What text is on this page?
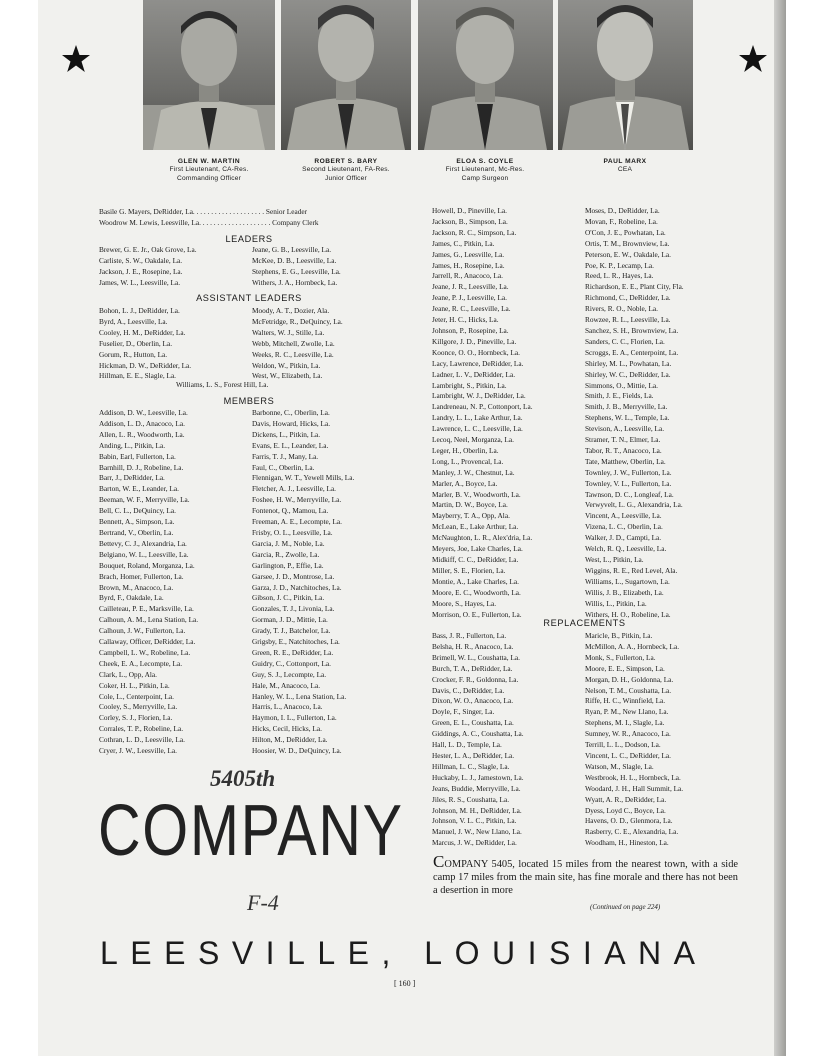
GLEN W. MARTIN
First Lieutenant, CA-Res.
Commanding Officer
ROBERT S. BARY
Second Lieutenant, FA-Res.
Junior Officer
ELOA S. COYLE
First Lieutenant, Mc-Res.
Camp Surgeon
PAUL MARX
CEA
Basile G. Mayers, DeRidder, La. . . . . . . . . . . . . . . . . . . . Senior Leader
Woodrow M. Lewis, Leesville, La. . . . . . . . . . . . . . . . . . . . Company Clerk
LEADERS
ASSISTANT LEADERS
MEMBERS
REPLACEMENTS
Brewer, G. E. Jr., Oak Grove, La.
Carliste, S. W., Oakdale, La.
Jackson, J. E., Rosepine, La.
James, W. L., Leesville, La.
Jeane, G. B., Leesville, La.
McKee, D. B., Leesville, La.
Stephens, E. G., Leesville, La.
Withers, J. A., Hornbeck, La.
Bohon, L. J., DeRidder, La.
Byrd, A., Leesville, La.
Cooley, H. M., DeRidder, La.
Fuselier, D., Oberlin, La.
Gorum, R., Hutton, La.
Hickman, D. W., DeRidder, La.
Hillman, E. E., Slagle, La.
Moody, A. T., Dozier, Ala.
McFetridge, R., DeQuincy, La.
Walters, W. J., Stille, La.
Webb, Mitchell, Zwolle, La.
Weeks, R. C., Leesville, La.
Weldon, W., Pitkin, La.
West, W., Elizabeth, La.
Williams, L. S., Forest Hill, La.
Addison, D. W., Leesville, La.
Addison, L. D., Anacoco, La.
Allen, L. R., Woodworth, La.
Anding, L., Pitkin, La.
Babin, Earl, Fullerton, La.
Barnhill, D. J., Robeline, La.
Barr, J., DeRidder, La.
Barton, W. E., Leander, La.
Beeman, W. F., Merryville, La.
Bell, C. L., DeQuincy, La.
Bennett, A., Simpson, La.
Bertrand, V., Oberlin, La.
Bettevy, C. J., Alexandria, La.
Belgiano, W. L., Leesville, La.
Bouquet, Roland, Morganza, La.
Brach, Homer, Fullerton, La.
Brown, M., Anacoco, La.
Byrd, F., Oakdale, La.
Cailleteau, P. E., Marksville, La.
Calhoun, A. M., Lena Station, La.
Calhoun, J. W., Fullerton, La.
Callaway, Officer, DeRidder, La.
Campbell, L. W., Robeline, La.
Cheek, E. A., Lecompte, La.
Clark, L., Opp, Ala.
Coker, H. L., Pitkin, La.
Cole, L., Centerpoint, La.
Cooley, S., Merryville, La.
Corley, S. J., Florien, La.
Corrales, T. P., Robeline, La.
Cothran, L. D., Leesville, La.
Cryer, J. W., Leesville, La.
Barbonne, C., Oberlin, La.
Davis, Howard, Hicks, La.
Dickens, L., Pitkin, La.
Evans, E. L., Leander, La.
Farris, T. J., Many, La.
Faul, C., Oberlin, La.
Flennigan, W. T., Yewell Mills, La.
Fletcher, A. J., Leesville, La.
Foshee, H. W., Merryville, La.
Fontenot, Q., Mamou, La.
Freeman, A. E., Lecompte, La.
Frisby, O. L., Leesville, La.
Garcia, J. M., Noble, La.
Garcia, R., Zwolle, La.
Garlington, P., Effie, La.
Garsee, J. D., Montrose, La.
Garza, J. D., Natchitoches, La.
Gibson, J. C., Pitkin, La.
Gonzales, T. J., Livonia, La.
Gorman, J. D., Mittie, La.
Grady, T. J., Batchelor, La.
Grigsby, E., Natchitoches, La.
Green, R. E., DeRidder, La.
Guidry, C., Cottonport, La.
Guy, S. J., Lecompte, La.
Hale, M., Anacoco, La.
Hanley, W. L., Lena Station, La.
Harris, L., Anacoco, La.
Haymon, I. L., Fullerton, La.
Hicks, Cecil, Hicks, La.
Hilton, M., DeRidder, La.
Hoosier, W. D., DeQuincy, La.
Howell, D., Pineville, La.
Jackson, B., Simpson, La.
Jackson, R. C., Simpson, La.
James, C., Pitkin, La.
James, G., Leesville, La.
James, H., Rosepine, La.
Jarrell, R., Anacoco, La.
Jeane, J. R., Leesville, La.
Jeane, P. J., Leesville, La.
Jeane, R. C., Leesville, La.
Jeter, H. C., Hicks, La.
Johnson, P., Rosepine, La.
Killgore, J. D., Pineville, La.
Koonce, O. O., Hornbeck, La.
Lacy, Lawrence, DeRidder, La.
Ladner, L. V., DeRidder, La.
Lambright, S., Pitkin, La.
Lambright, W. J., DeRidder, La.
Landreneau, N. P., Cottonport, La.
Landry, L. L., Lake Arthur, La.
Lawrence, L. C., Leesville, La.
Lecoq, Neel, Morganza, La.
Leger, H., Oberlin, La.
Long, L., Provencal, La.
Manley, J. W., Chestnut, La.
Marler, A., Boyce, La.
Marler, B. V., Woodworth, La.
Martin, D. W., Boyce, La.
Mayberry, T. A., Opp, Ala.
McLean, E., Lake Arthur, La.
McNaughton, L. R., Alex'dria, La.
Meyers, Joe, Lake Charles, La.
Midkiff, C. C., DeRidder, La.
Miller, S. E., Florien, La.
Montie, A., Lake Charles, La.
Moore, E. C., Woodworth, La.
Moore, S., Hayes, La.
Morrison, O. E., Fullerton, La.
Moses, D., DeRidder, La.
Movan, F., Robeline, La.
O'Con, J. E., Powhatan, La.
Ortis, T. M., Brownview, La.
Peterson, E. W., Oakdale, La.
Poe, K. P., Lecamp, La.
Reed, L. R., Hayes, La.
Richardson, E. E., Plant City, Fla.
Richmond, C., DeRidder, La.
Rivers, R. O., Noble, La.
Rowzee, R. L., Leesville, La.
Sanchez, S. H., Brownview, La.
Sanders, C. C., Florien, La.
Scroggs, E. A., Centerpoint, La.
Shirley, M. L., Powhatan, La.
Shirley, W. C., DeRidder, La.
Simmons, O., Mittie, La.
Smith, J. E., Fields, La.
Smith, J. B., Merryville, La.
Stephens, W. L., Temple, La.
Stevison, A., Leesville, La.
Stramer, T. N., Elmer, La.
Tabor, R. T., Anacoco, La.
Tate, Matthew, Oberlin, La.
Townley, J. W., Fullerton, La.
Townley, V. L., Fullerton, La.
Tawnson, D. C., Longleaf, La.
Verwyvelt, L. G., Alexandria, La.
Vincent, A., Leesville, La.
Vizena, L. C., Oberlin, La.
Walker, J. D., Campti, La.
Welch, R. Q., Leesville, La.
West, L., Pitkin, La.
Wiggins, R. E., Red Level, Ala.
Williams, L., Sugartown, La.
Willis, J. B., Elizabeth, La.
Willis, L., Pitkin, La.
Withers, H. O., Robeline, La.
Bass, J. R., Fullerton, La.
Belsha, H. R., Anacoco, La.
Brimell, W. L., Coushatta, La.
Burch, T. A., DeRidder, La.
Crocker, F. R., Goldonna, La.
Davis, C., DeRidder, La.
Dixon, W. O., Anacoco, La.
Doyle, F., Singer, La.
Green, E. L., Coushatta, La.
Giddings, A. C., Coushatta, La.
Hall, L. D., Temple, La.
Hester, L. A., DeRidder, La.
Hillman, L. C., Slagle, La.
Huckaby, L. J., Jamestown, La.
Jeans, Buddie, Merryville, La.
Jiles, R. S., Coushatta, La.
Johnson, M. H., DeRidder, La.
Johnson, V. L. C., Pitkin, La.
Manuel, J. W., New Llano, La.
Marcus, J. W., DeRidder, La.
Maricle, B., Pitkin, La.
McMillon, A. A., Hornbeck, La.
Monk, S., Fullerton, La.
Moore, E. E., Simpson, La.
Morgan, D. H., Goldonna, La.
Nelson, T. M., Coushatta, La.
Riffe, H. C., Winnfield, La.
Ryan, P. M., New Llano, La.
Stephens, M. I., Slagle, La.
Sumney, W. R., Anacoco, La.
Terrill, L. L., Dodson, La.
Vincent, L. C., DeRidder, La.
Watson, M., Slagle, La.
Westbrook, H. L., Hornbeck, La.
Woodard, J. H., Hall Summit, La.
Wyatt, A. R., DeRidder, La.
Dyess, Loyd C., Boyce, La.
Havens, O. D., Glenmora, La.
Rasberry, C. E., Alexandria, La.
Woodham, H., Hineston, La.
5405th
COMPANY
F-4
LEESVILLE, LOUISIANA
COMPANY 5405, located 15 miles from the nearest town, with a side camp 17 miles from the main site, has fine morale and there has not been a desertion in more
(Continued on page 224)
[ 160 ]
